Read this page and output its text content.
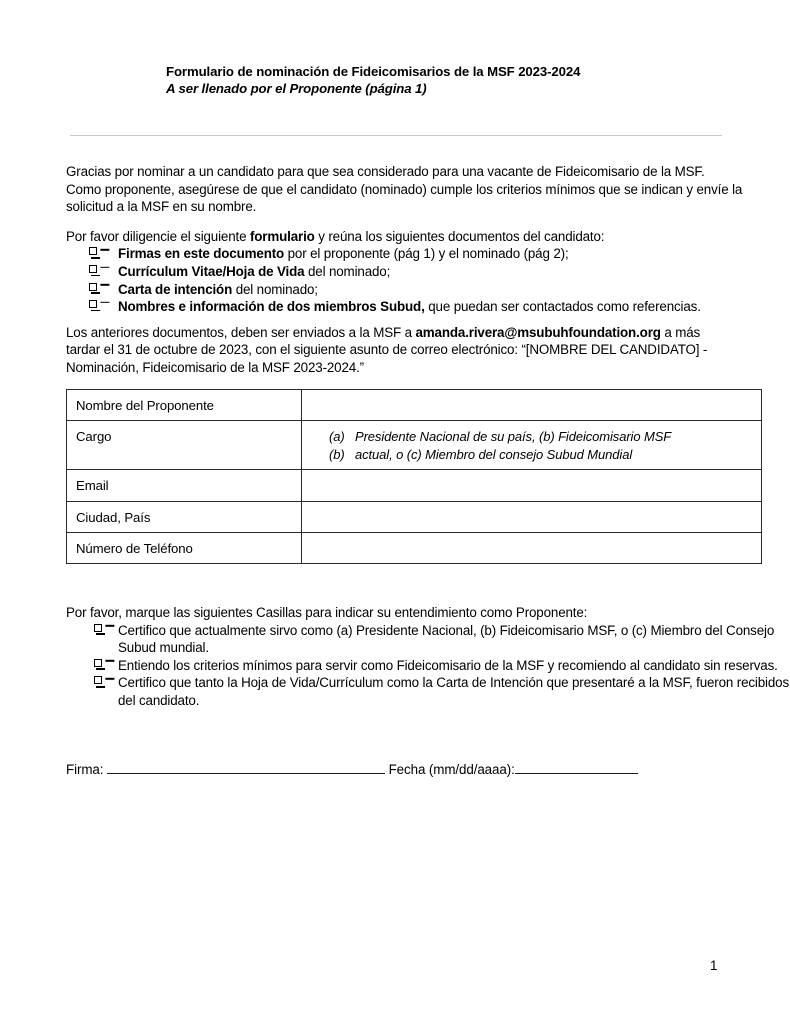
Formulario de nominación de Fideicomisarios de la MSF 2023-2024
A ser llenado por el Proponente (página 1)

Gracias por nominar a un candidato para que sea considerado para una vacante de Fideicomisario de la MSF.

Como proponente, asegúrese de que el candidato (nominado) cumple los criterios mínimos que se indican y envíe la

solicitud a la MSF en su nombre.

Por favor diligencie el siguiente formulario y reúna los siguientes documentos del candidato:

Firmas en este documento por el proponente (pág 1) y el nominado (pág 2);
Currículum Vitae/Hoja de Vida del nominado;
Carta de intención del nominado;
Nombres e información de dos miembros Subud, que puedan ser contactados como referencias.

Los anteriores documentos, deben ser enviados a la MSF a amanda.rivera@msubuhfoundation.org a más

tardar el 31 de octubre de 2023, con el siguiente asunto de correo electrónico: “[NOMBRE DEL CANDIDATO] -

Nominación, Fideicomisario de la MSF 2023-2024.”

Nombre del Proponente	
Cargo	(a) Presidente Nacional de su país, (b) Fideicomisario MSF
(b) actual, o (c) Miembro del consejo Subud Mundial

Email	
Ciudad, País	
Número de Teléfono	

Por favor, marque las siguientes Casillas para indicar su entendimiento como Proponente:

Certifico que actualmente sirvo como (a) Presidente Nacional, (b) Fideicomisario MSF, o (c) Miembro del Consejo Subud mundial.
Entiendo los criterios mínimos para servir como Fideicomisario de la MSF y recomiendo al candidato sin reservas.
Certifico que tanto la Hoja de Vida/Currículum como la Carta de Intención que presentaré a la MSF, fueron recibidos del candidato.
Firma:	Fecha (mm/dd/aaaa):
1
